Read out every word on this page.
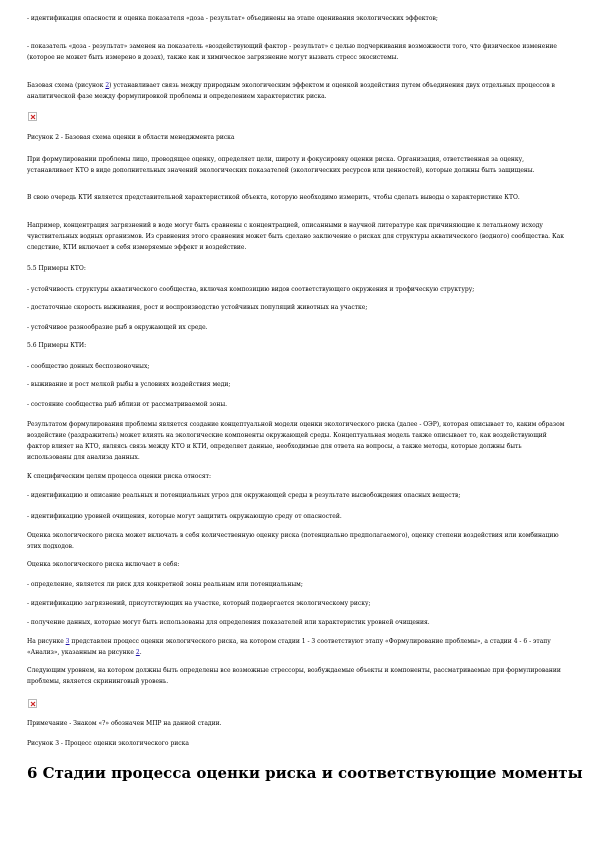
- идентификация опасности и оценка показателя «доза - результат» объединены на этапе оценивания экологических эффектов;

- показатель «доза - результат» заменен на показатель «воздействующий фактор - результат» с целью подчеркивания возможности того, что физическое изменение (которое не может быть измерено в дозах), также как и химическое загрязнение могут вызвать стресс экосистемы.

Базовая схема (рисунок 2) устанавливает связь между природным экологическим эффектом и оценкой воздействия путем объединения двух отдельных процессов в аналитической фазе между формулировкой проблемы и определением характеристик риска.

Рисунок 2 - Базовая схема оценки в области менеджмента риска

При формулировании проблемы лицо, проводящее оценку, определяет цели, широту и фокусировку оценки риска. Организация, ответственная за оценку, устанавливает КТО в виде дополнительных значений экологических показателей (экологических ресурсов или ценностей), которые должны быть защищены.

В свою очередь КТИ является представительной характеристикой объекта, которую необходимо измерить, чтобы сделать выводы о характеристике КТО.

Например, концентрация загрязнений в воде могут быть сравнены с концентрацией, описанными в научной литературе как причиняющие к летальному исходу чувствительных водных организмов. Из сравнения этого сравнения может быть сделано заключение о рисках для структуры акватического (водного) сообщества. Как следствие, КТИ включает в себя измеряемые эффект и воздействие.

5.5 Примеры КТО:

- устойчивость структуры акватического сообщества, включая композицию видов соответствующего окружения и трофическую структуру;

- достаточные скорость выживания, рост и воспроизводство устойчивых популяций животных на участке;

- устойчивое разнообразие рыб в окружающей их среде.

5.6 Примеры КТИ:

- сообщество донных беспозвоночных;

- выживание и рост мелкой рыбы в условиях воздействия меди;

- состояние сообщества рыб вблизи от рассматриваемой зоны.

Результатом формулирования проблемы является создание концептуальной модели оценки экологического риска (далее - ОЭР), которая описывает то, каким образом воздействие (раздражитель) может влиять на экологические компоненты окружающей среды. Концептуальная модель также описывает то, как воздействующий фактор влияет на КТО, являясь связь между КТО и КТИ, определяет данные, необходимые для ответа на вопросы, а также методы, которые должны быть использованы для анализа данных.

К специфическим целям процесса оценки риска относят:

- идентификацию и описание реальных и потенциальных угроз для окружающей среды в результате высвобождения опасных веществ;

- идентификацию уровней очищения, которые могут защитить окружающую среду от опасностей.

Оценка экологического риска может включать в себя количественную оценку риска (потенциально предполагаемого), оценку степени воздействия или комбинацию этих подходов.

Оценка экологического риска включает в себя:

- определение, является ли риск для конкретной зоны реальным или потенциальным;

- идентификацию загрязнений, присутствующих на участке, который подвергается экологическому риску;

- получение данных, которые могут быть использованы для определения показателей или характеристик уровней очищения.

На рисунке 3 представлен процесс оценки экологического риска, на котором стадии 1 - 3 соответствуют этапу «Формулирование проблемы», а стадии 4 - 6 - этапу «Анализ», указанным на рисунке 2.

Следующим уровнем, на котором должны быть определены все возможные стрессоры, возбуждаемые объекты и компоненты, рассматриваемые при формулировании проблемы, является скрининговый уровень.

Примечание - Знаком «?» обозначен МПР на данной стадии.

Рисунок 3 - Процесс оценки экологического риска

6 Стадии процесса оценки риска и соответствующие моменты
